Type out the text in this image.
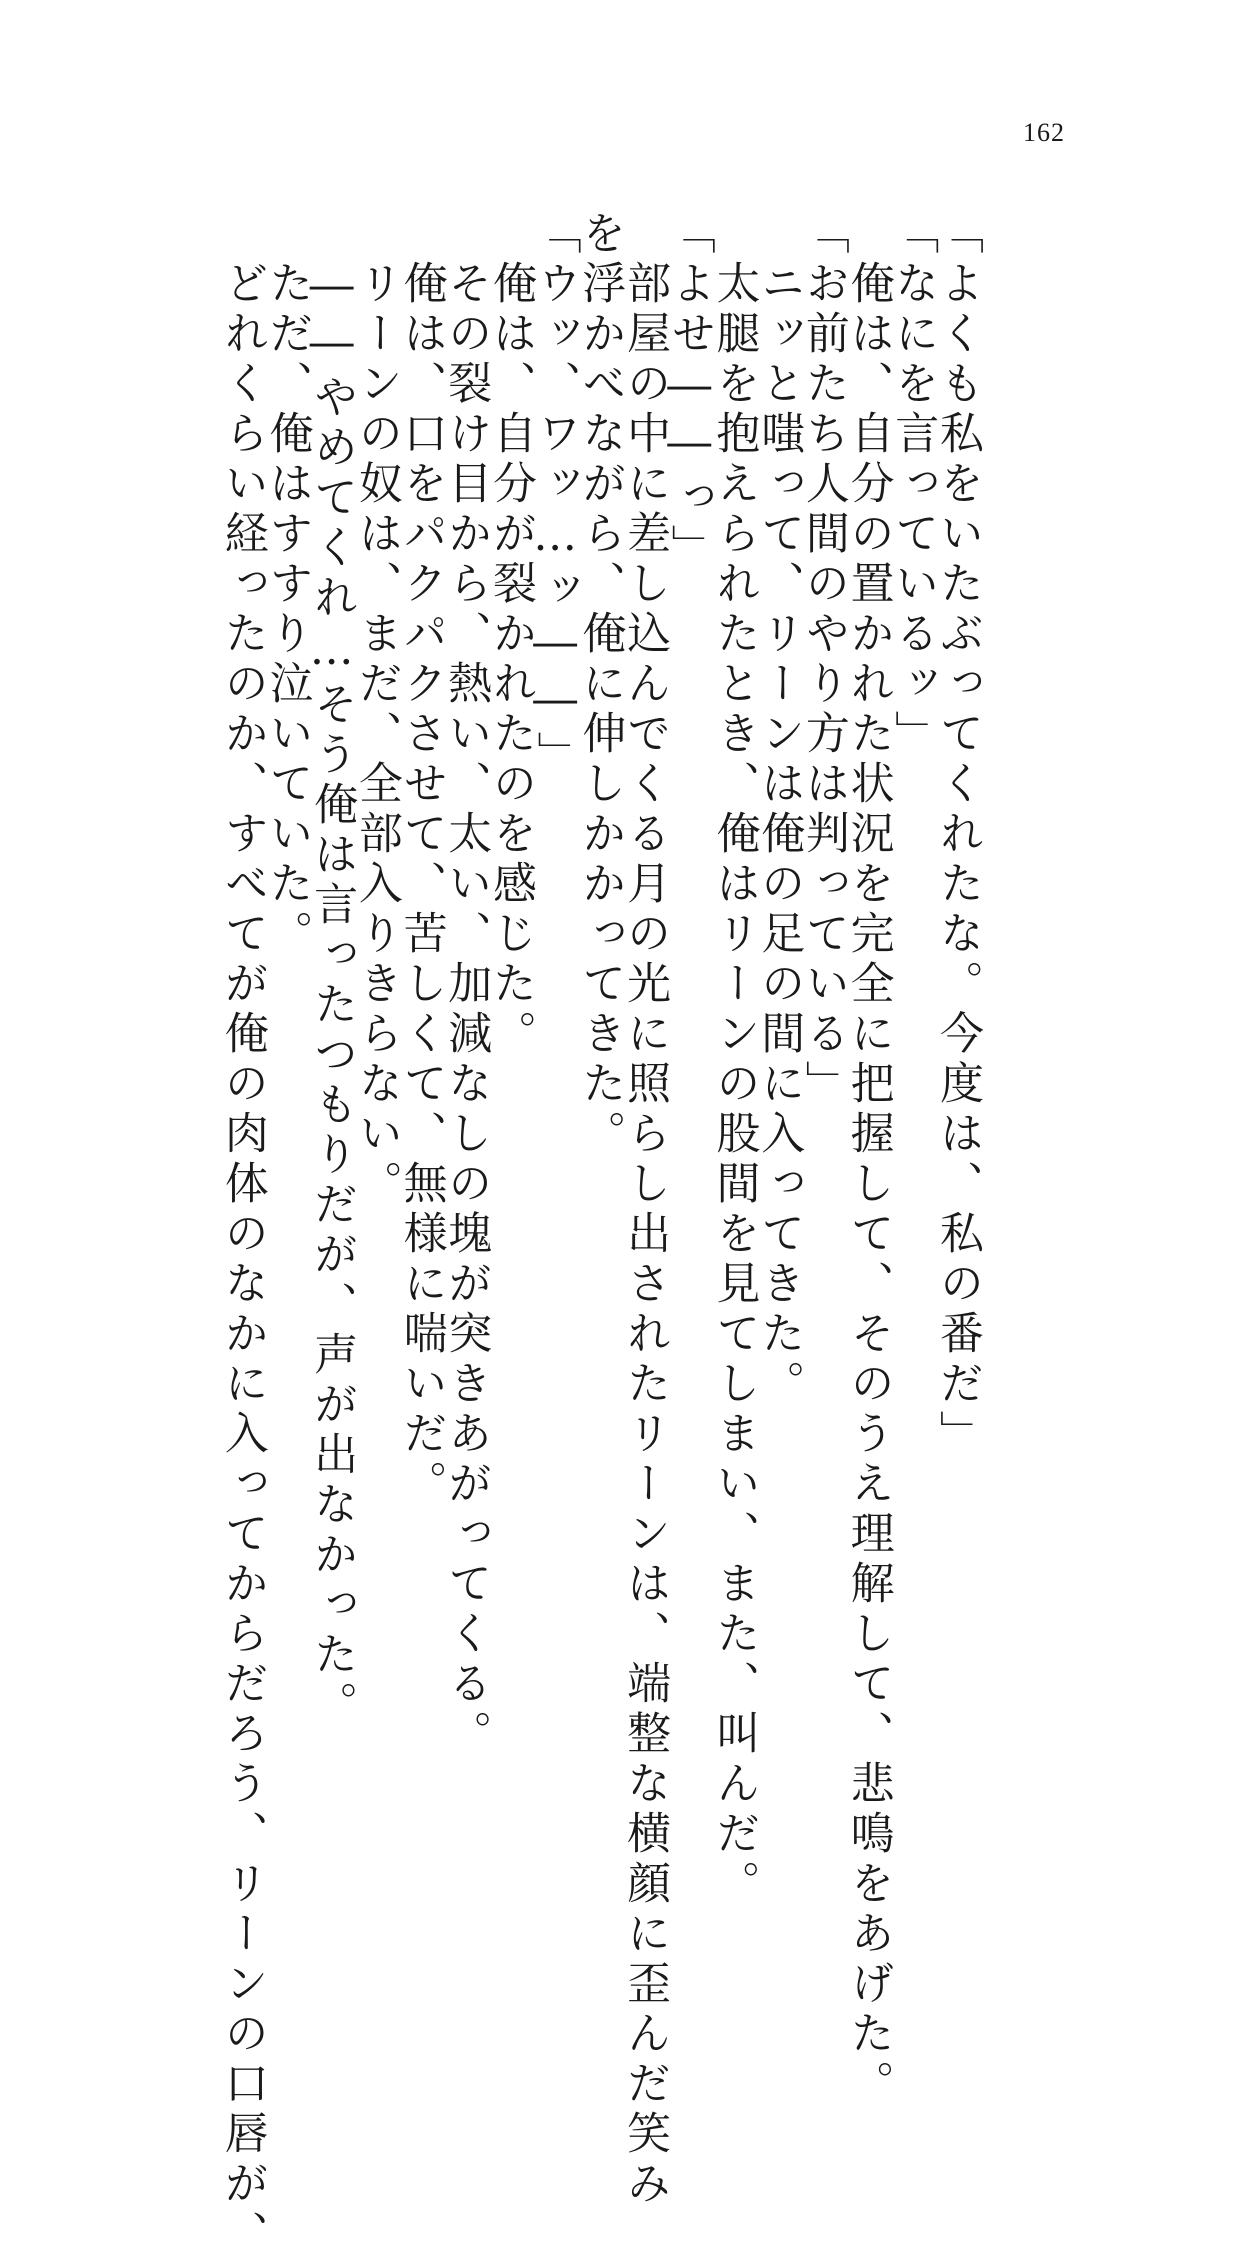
162
「よくも私をいたぶってくれたな。今度は、私の番だ」
「なにを言っているッ」
俺は、自分の置かれた状況を完全に把握して、そのうえ理解して、悲鳴をあげた。
「お前たち人間のやり方は判っている」
ニッと嗤って、リーンは俺の足の間に入ってきた。
太腿を抱えられたとき、俺はリーンの股間を見てしまい、また、叫んだ。
「よせ――っ」
部屋の中に差し込んでくる月の光に照らし出されたリーンは、端整な横顔に歪んだ笑み
を浮かべながら、俺に伸しかかってきた。
「ウッ、ワッ…ッ――」
俺は、自分が裂かれたのを感じた。
その裂け目から、熱い、太い、加減なしの塊が突きあがってくる。
俺は、口をパクパクさせて、苦しくて、無様に喘いだ。
リーンの奴は、まだ、全部入りきらない。
――やめてくれ…そう俺は言ったつもりだが、声が出なかった。
ただ、俺はすすり泣いていた。
どれくらい経ったのか、すべてが俺の肉体のなかに入ってからだろう、リーンの口唇が、
